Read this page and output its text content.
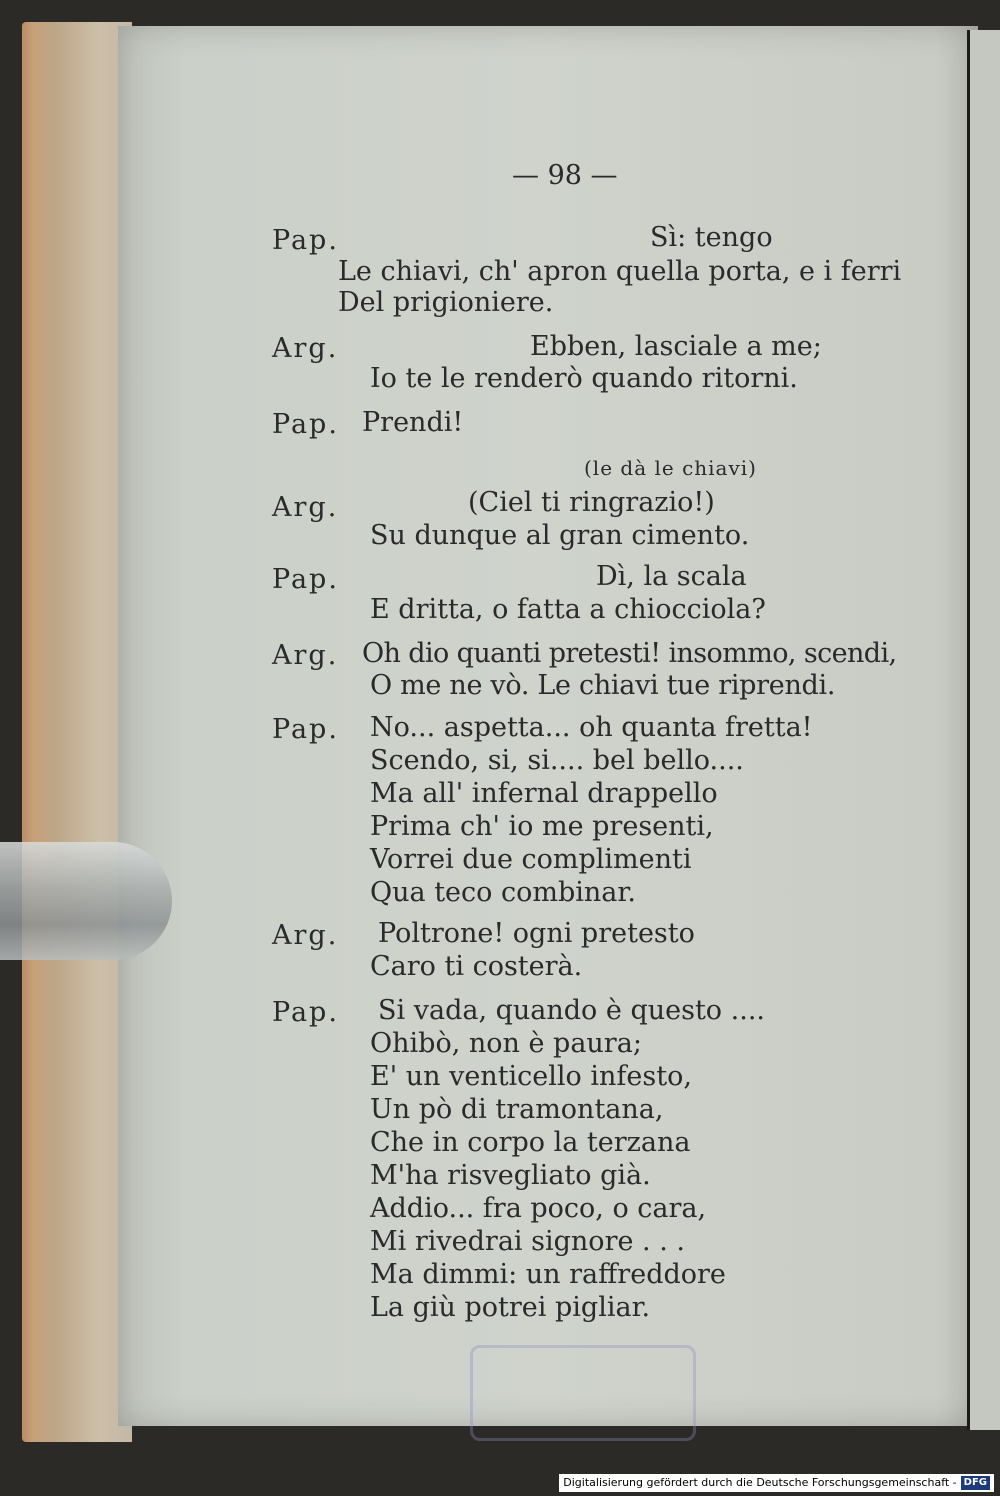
— 98 —
Pap.	Sì: tengo
Le chiavi, ch' apron quella porta, e i ferri
Del prigioniere.
Arg.	Ebben, lasciale a me;
Io te le renderò quando ritorni.
Pap. Prendi!
(le dà le chiavi)
Arg.	(Ciel ti ringrazio!)
Su dunque al gran cimento.
Pap.	Dì, la scala
E dritta, o fatta a chiocciola?
Arg. Oh dio quanti pretesti! insommo, scendi,
O me ne vò. Le chiavi tue riprendi.
Pap. No... aspetta... oh quanta fretta!
Scendo, si, si.... bel bello....
Ma all' infernal drappello
Prima ch' io me presenti,
Vorrei due complimenti
Qua teco combinar.
Arg. Poltrone! ogni pretesto
Caro ti costerà.
Pap. Si vada, quando è questo ....
Ohibò, non è paura;
E' un venticello infesto,
Un pò di tramontana,
Che in corpo la terzana
M'ha risvegliato già.
Addio... fra poco, o cara,
Mi rivedrai signore . . .
Ma dimmi: un raffreddore
La giù potrei pigliar.
Digitalisierung gefördert durch die Deutsche Forschungsgemeinschaft - DFG
